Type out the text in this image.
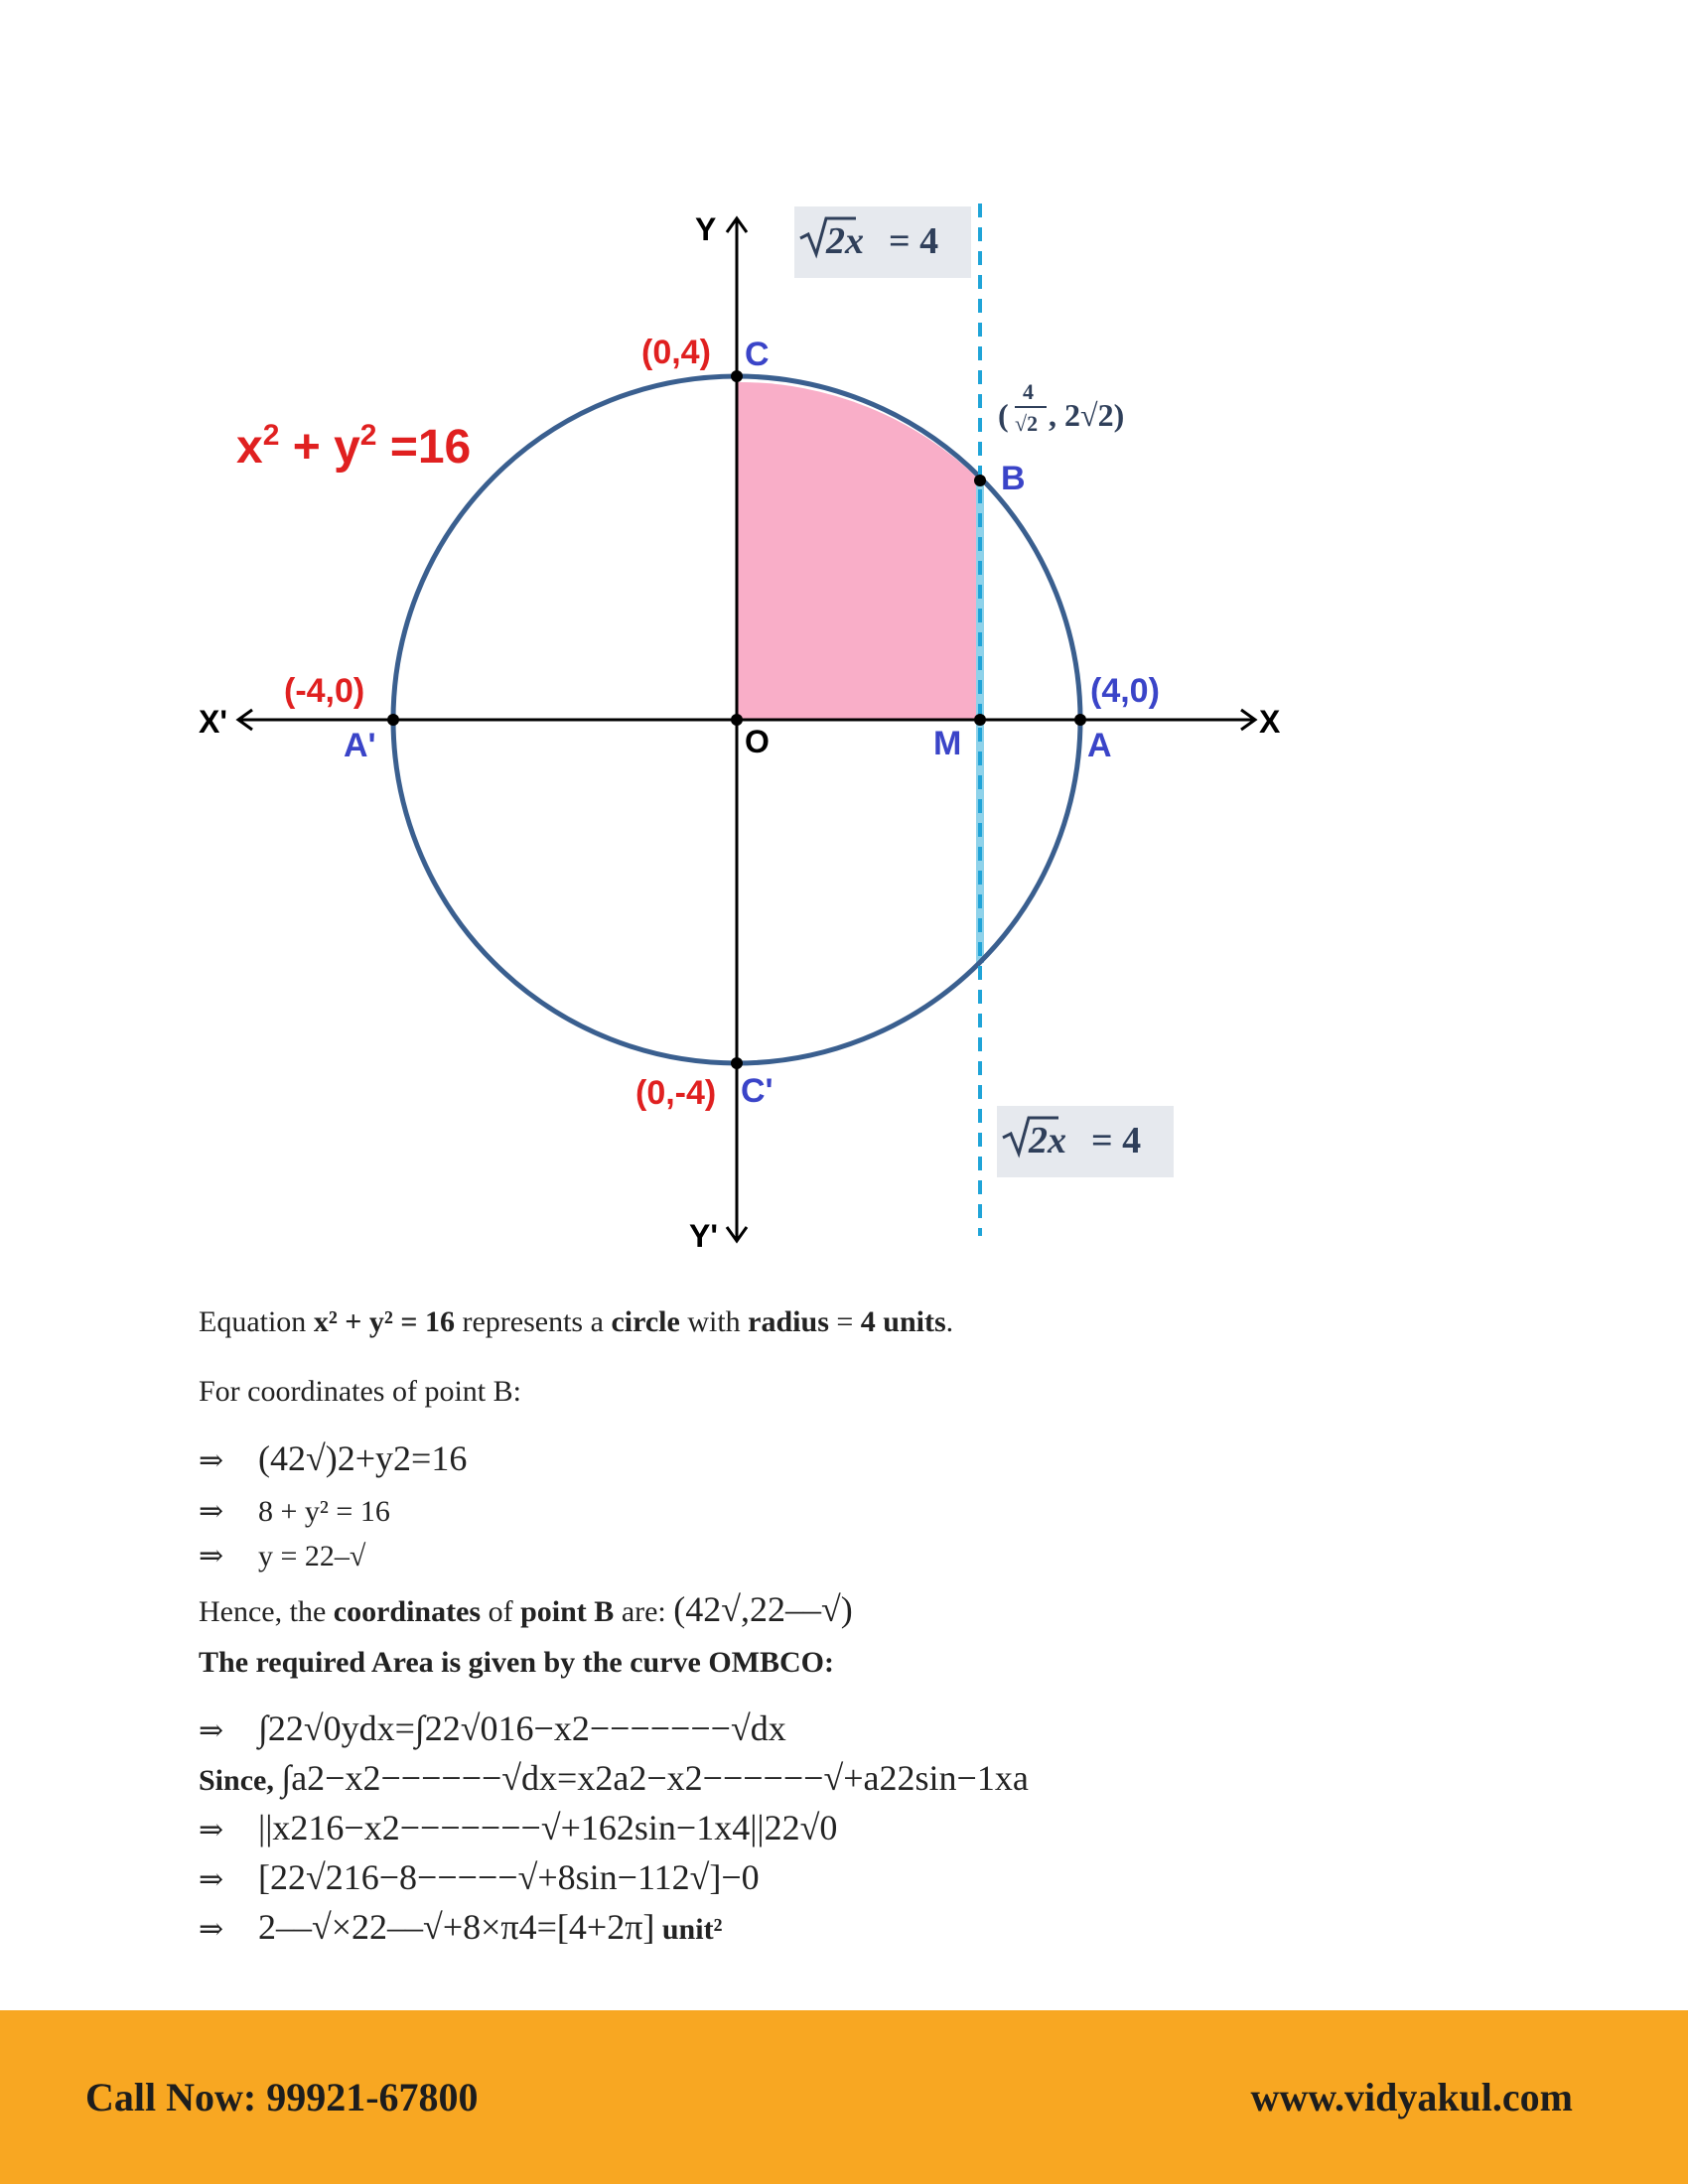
Y
Y'
X
X'
O
$x^2 + y^2 =16$
2x = 4
2x = 4
(
4
√2 , 2√2)
(0,4) C
B
(4,0)
A
(-4,0)
A'
(0,-4) C'
M
Equation x² + y² = 16 represents a circle with radius = 4 units.
For coordinates of point B:
⇒ (42√)2+y2=16
⇒ 8 + y² = 16
⇒ y = 22–√
Hence, the coordinates of point B are: (42√,22––√)
The required Area is given by the curve OMBCO:
⇒ ∫22√0ydx=∫22√016−x2−−−−−−−√dx
Since, ∫a2−x2−−−−−−√dx=x2a2−x2−−−−−−√+a22sin−1xa
⇒ ||x216−x2−−−−−−−√+162sin−1x4||22√0
⇒ [22√216−8−−−−−√+8sin−112√]−0
⇒ 2––√×22––√+8×π4=[4+2π] unit²
Call Now: 99921-67800	www.vidyakul.com
